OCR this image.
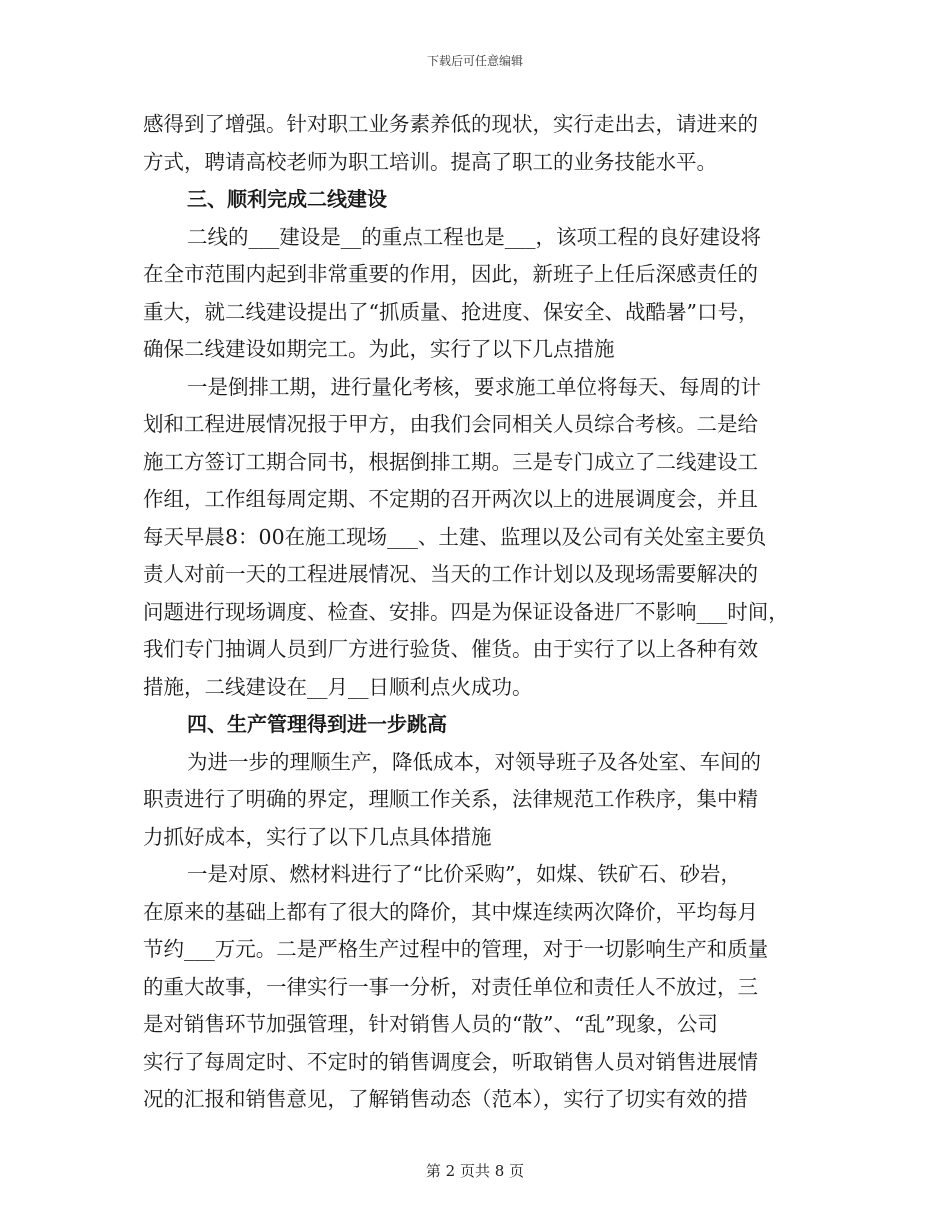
下载后可任意编辑
感得到了增强。针对职工业务素养低的现状，实行走出去，请进来的
方式，聘请高校老师为职工培训。提高了职工的业务技能水平。
三、顺利完成二线建设
二线的___建设是__的重点工程也是___，该项工程的良好建设将
在全市范围内起到非常重要的作用，因此，新班子上任后深感责任的
重大，就二线建设提出了“抓质量、抢进度、保安全、战酷暑”口号，
确保二线建设如期完工。为此，实行了以下几点措施
一是倒排工期，进行量化考核，要求施工单位将每天、每周的计
划和工程进展情况报于甲方，由我们会同相关人员综合考核。二是给
施工方签订工期合同书，根据倒排工期。三是专门成立了二线建设工
作组，工作组每周定期、不定期的召开两次以上的进展调度会，并且
每天早晨8：00在施工现场___、土建、监理以及公司有关处室主要负
责人对前一天的工程进展情况、当天的工作计划以及现场需要解决的
问题进行现场调度、检查、安排。四是为保证设备进厂不影响___时间，
我们专门抽调人员到厂方进行验货、催货。由于实行了以上各种有效
措施，二线建设在__月__日顺利点火成功。
四、生产管理得到进一步跳高
为进一步的理顺生产，降低成本，对领导班子及各处室、车间的
职责进行了明确的界定，理顺工作关系，法律规范工作秩序，集中精
力抓好成本，实行了以下几点具体措施
一是对原、燃材料进行了“比价采购”，如煤、铁矿石、砂岩，
在原来的基础上都有了很大的降价，其中煤连续两次降价，平均每月
节约___万元。二是严格生产过程中的管理，对于一切影响生产和质量
的重大故事，一律实行一事一分析，对责任单位和责任人不放过，三
是对销售环节加强管理，针对销售人员的“散”、“乱”现象，公司
实行了每周定时、不定时的销售调度会，听取销售人员对销售进展情
况的汇报和销售意见，了解销售动态（范本），实行了切实有效的措
第 2 页共 8 页
